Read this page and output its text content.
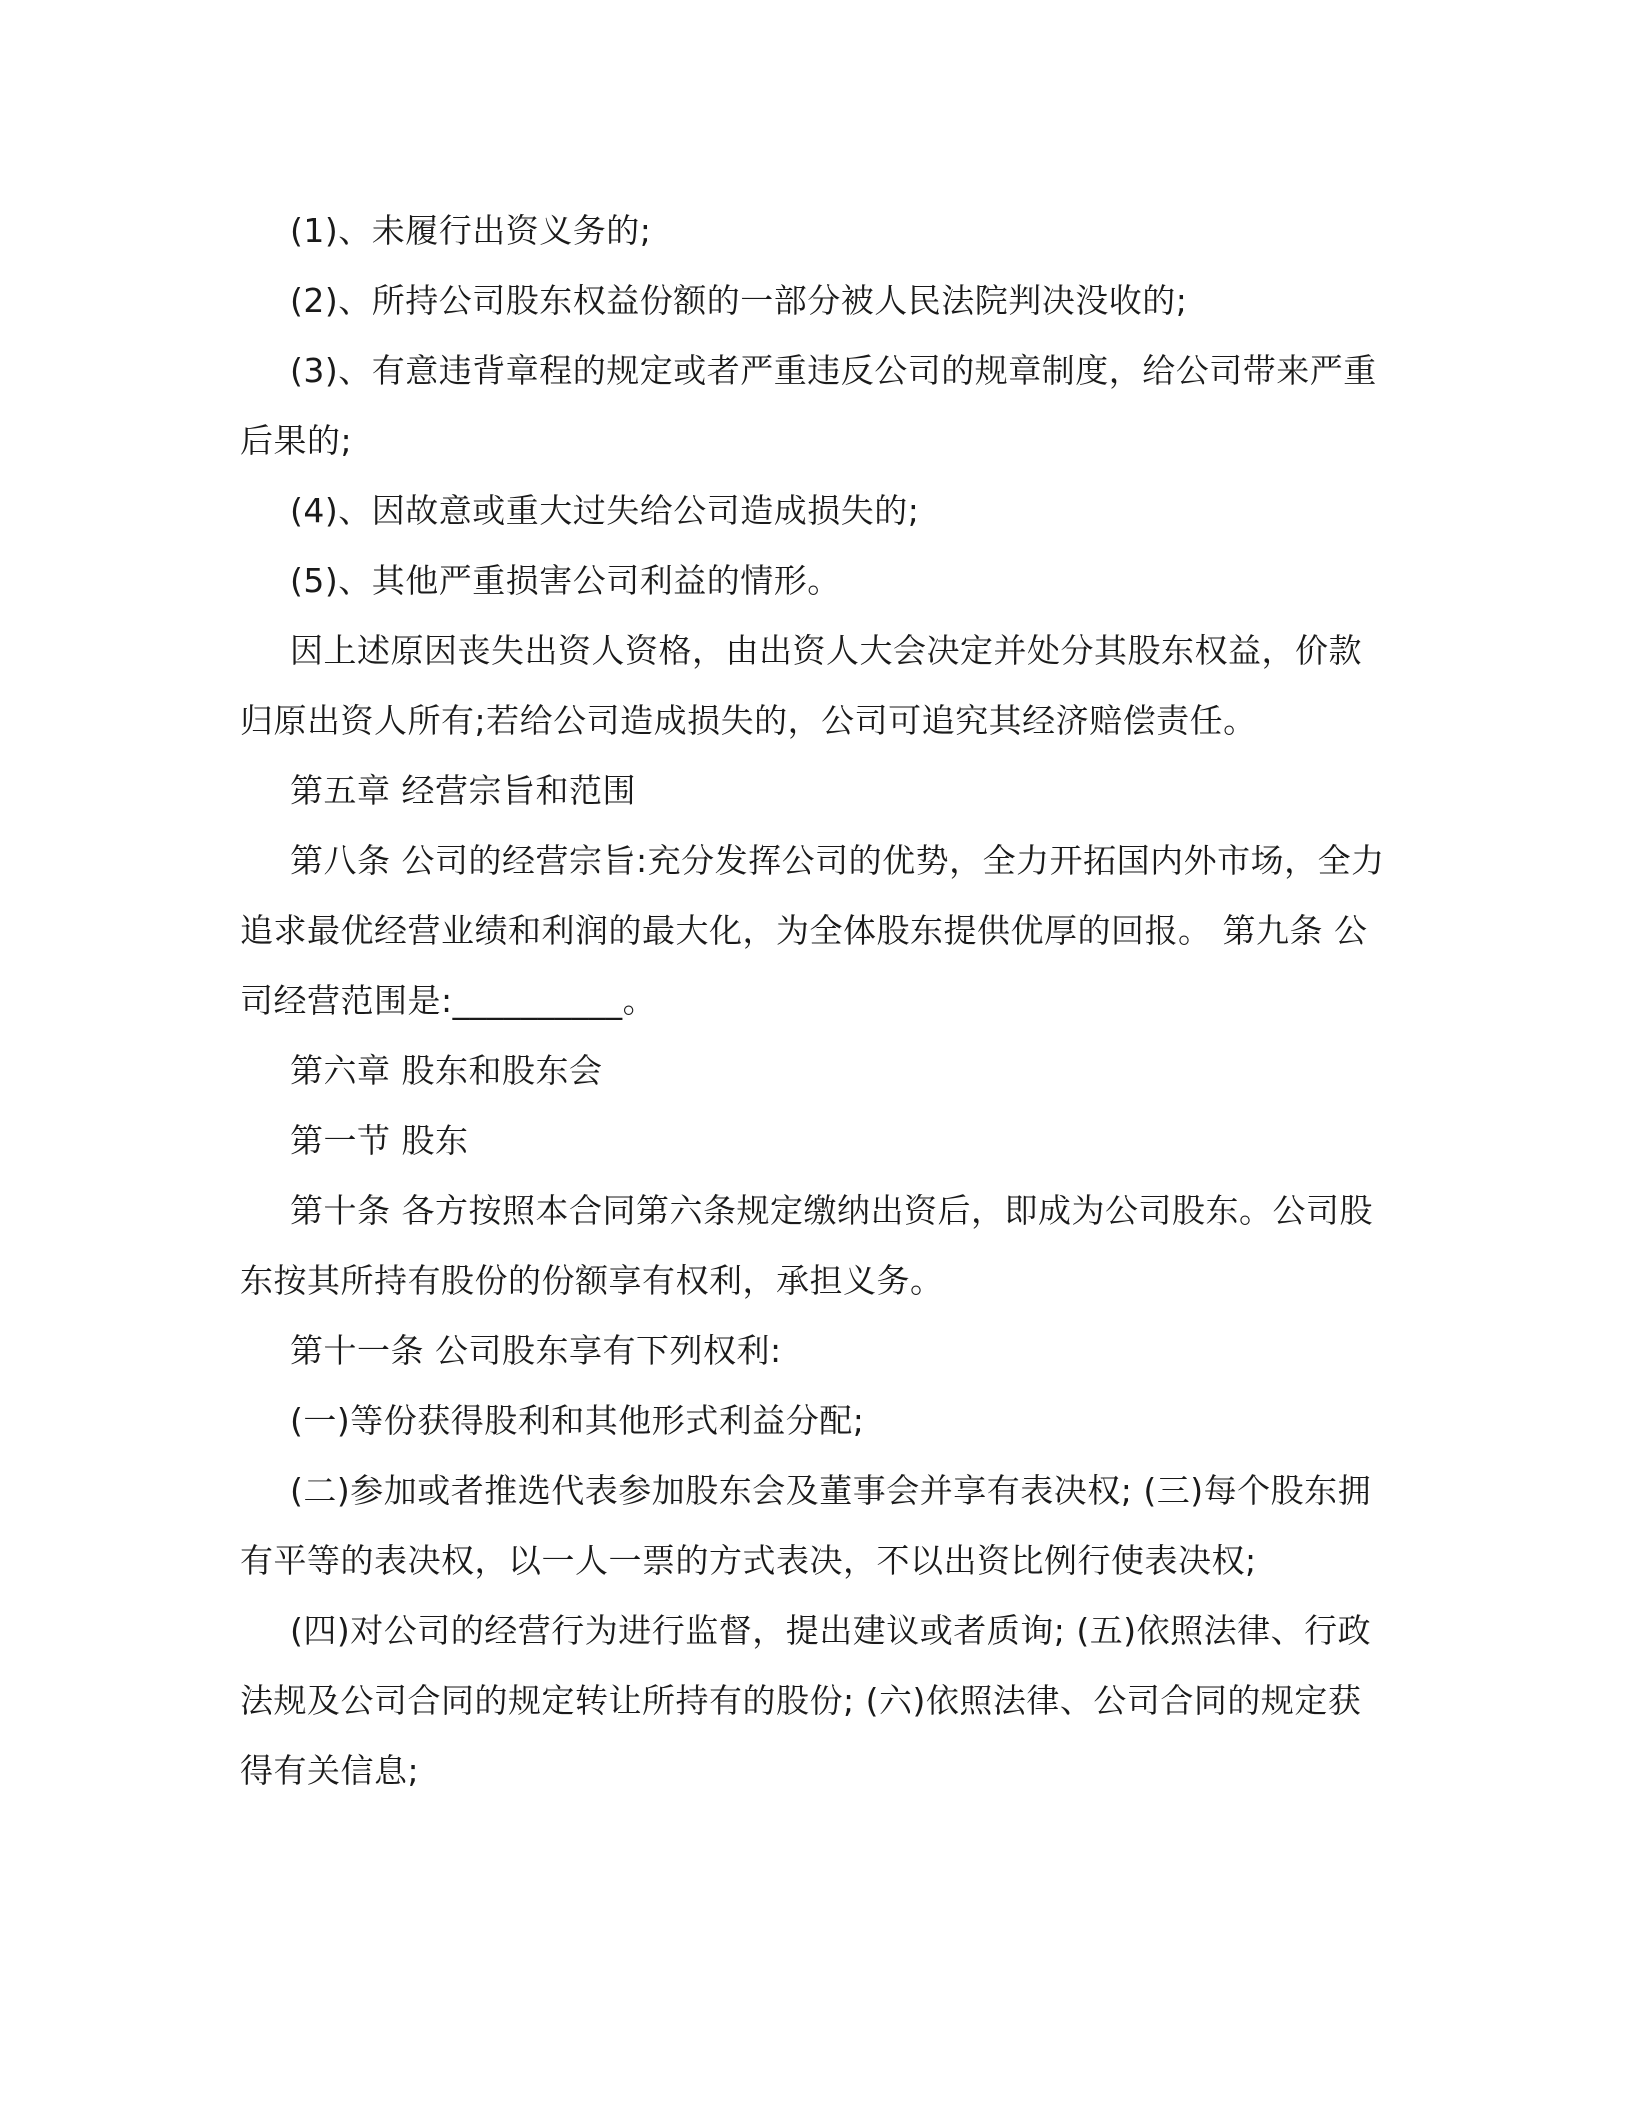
(1)、未履行出资义务的;

(2)、所持公司股东权益份额的一部分被人民法院判决没收的;

(3)、有意违背章程的规定或者严重违反公司的规章制度，给公司带来严重后果的;

(4)、因故意或重大过失给公司造成损失的;

(5)、其他严重损害公司利益的情形。

因上述原因丧失出资人资格，由出资人大会决定并处分其股东权益，价款归原出资人所有;若给公司造成损失的，公司可追究其经济赔偿责任。

第五章 经营宗旨和范围

第八条 公司的经营宗旨:充分发挥公司的优势，全力开拓国内外市场，全力追求最优经营业绩和利润的最大化，为全体股东提供优厚的回报。 第九条 公司经营范围是:__________。

第六章 股东和股东会

第一节 股东

第十条 各方按照本合同第六条规定缴纳出资后，即成为公司股东。公司股东按其所持有股份的份额享有权利，承担义务。

第十一条 公司股东享有下列权利:

(一)等份获得股利和其他形式利益分配;

(二)参加或者推选代表参加股东会及董事会并享有表决权; (三)每个股东拥有平等的表决权，以一人一票的方式表决，不以出资比例行使表决权;

(四)对公司的经营行为进行监督，提出建议或者质询; (五)依照法律、行政法规及公司合同的规定转让所持有的股份; (六)依照法律、公司合同的规定获得有关信息;
